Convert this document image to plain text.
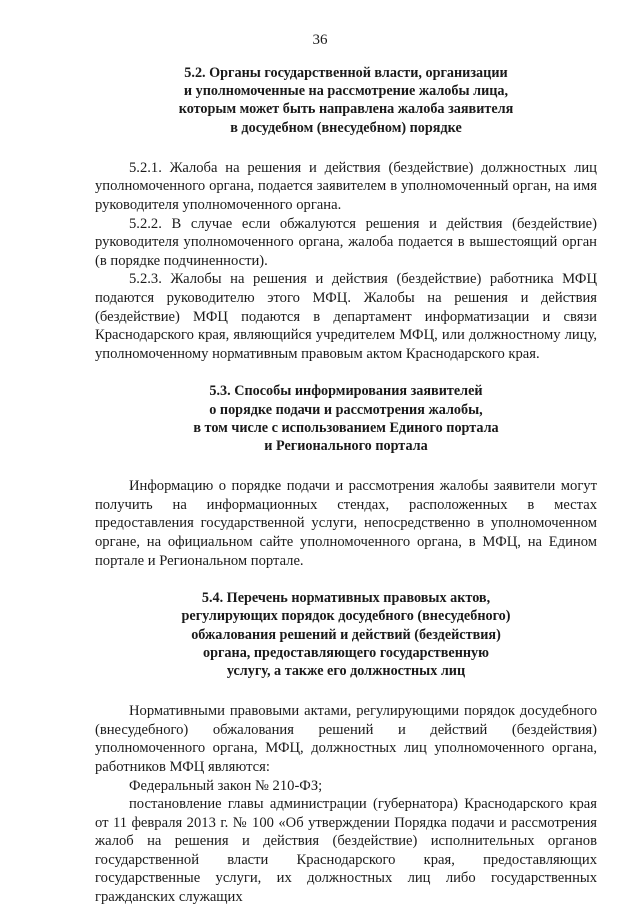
36
5.2. Органы государственной власти, организации
и уполномоченные на рассмотрение жалобы лица,
которым может быть направлена жалоба заявителя
в досудебном (внесудебном) порядке

5.2.1. Жалоба на решения и действия (бездействие) должностных лиц уполномоченного органа, подается заявителем в уполномоченный орган, на имя руководителя уполномоченного органа.

5.2.2. В случае если обжалуются решения и действия (бездействие) руководителя уполномоченного органа, жалоба подается в вышестоящий орган (в порядке подчиненности).

5.2.3. Жалобы на решения и действия (бездействие) работника МФЦ подаются руководителю этого МФЦ. Жалобы на решения и действия (бездействие) МФЦ подаются в департамент информатизации и связи Краснодарского края, являющийся учредителем МФЦ, или должностному лицу, уполномоченному нормативным правовым актом Краснодарского края.

5.3. Способы информирования заявителей
о порядке подачи и рассмотрения жалобы,
в том числе с использованием Единого портала
и Регионального портала

Информацию о порядке подачи и рассмотрения жалобы заявители могут получить на информационных стендах, расположенных в местах предоставления государственной услуги, непосредственно в уполномоченном органе, на официальном сайте уполномоченного органа, в МФЦ, на Едином портале и Региональном портале.

5.4. Перечень нормативных правовых актов,
регулирующих порядок досудебного (внесудебного)
обжалования решений и действий (бездействия)
органа, предоставляющего государственную
услугу, а также его должностных лиц

Нормативными правовыми актами, регулирующими порядок досудебного (внесудебного) обжалования решений и действий (бездействия) уполномоченного органа, МФЦ, должностных лиц уполномоченного органа, работников МФЦ являются:

Федеральный закон № 210-ФЗ;

постановление главы администрации (губернатора) Краснодарского края от 11 февраля 2013 г. № 100 «Об утверждении Порядка подачи и рассмотрения жалоб на решения и действия (бездействие) исполнительных органов государственной власти Краснодарского края, предоставляющих государственные услуги, их должностных лиц либо государственных гражданских служащих
